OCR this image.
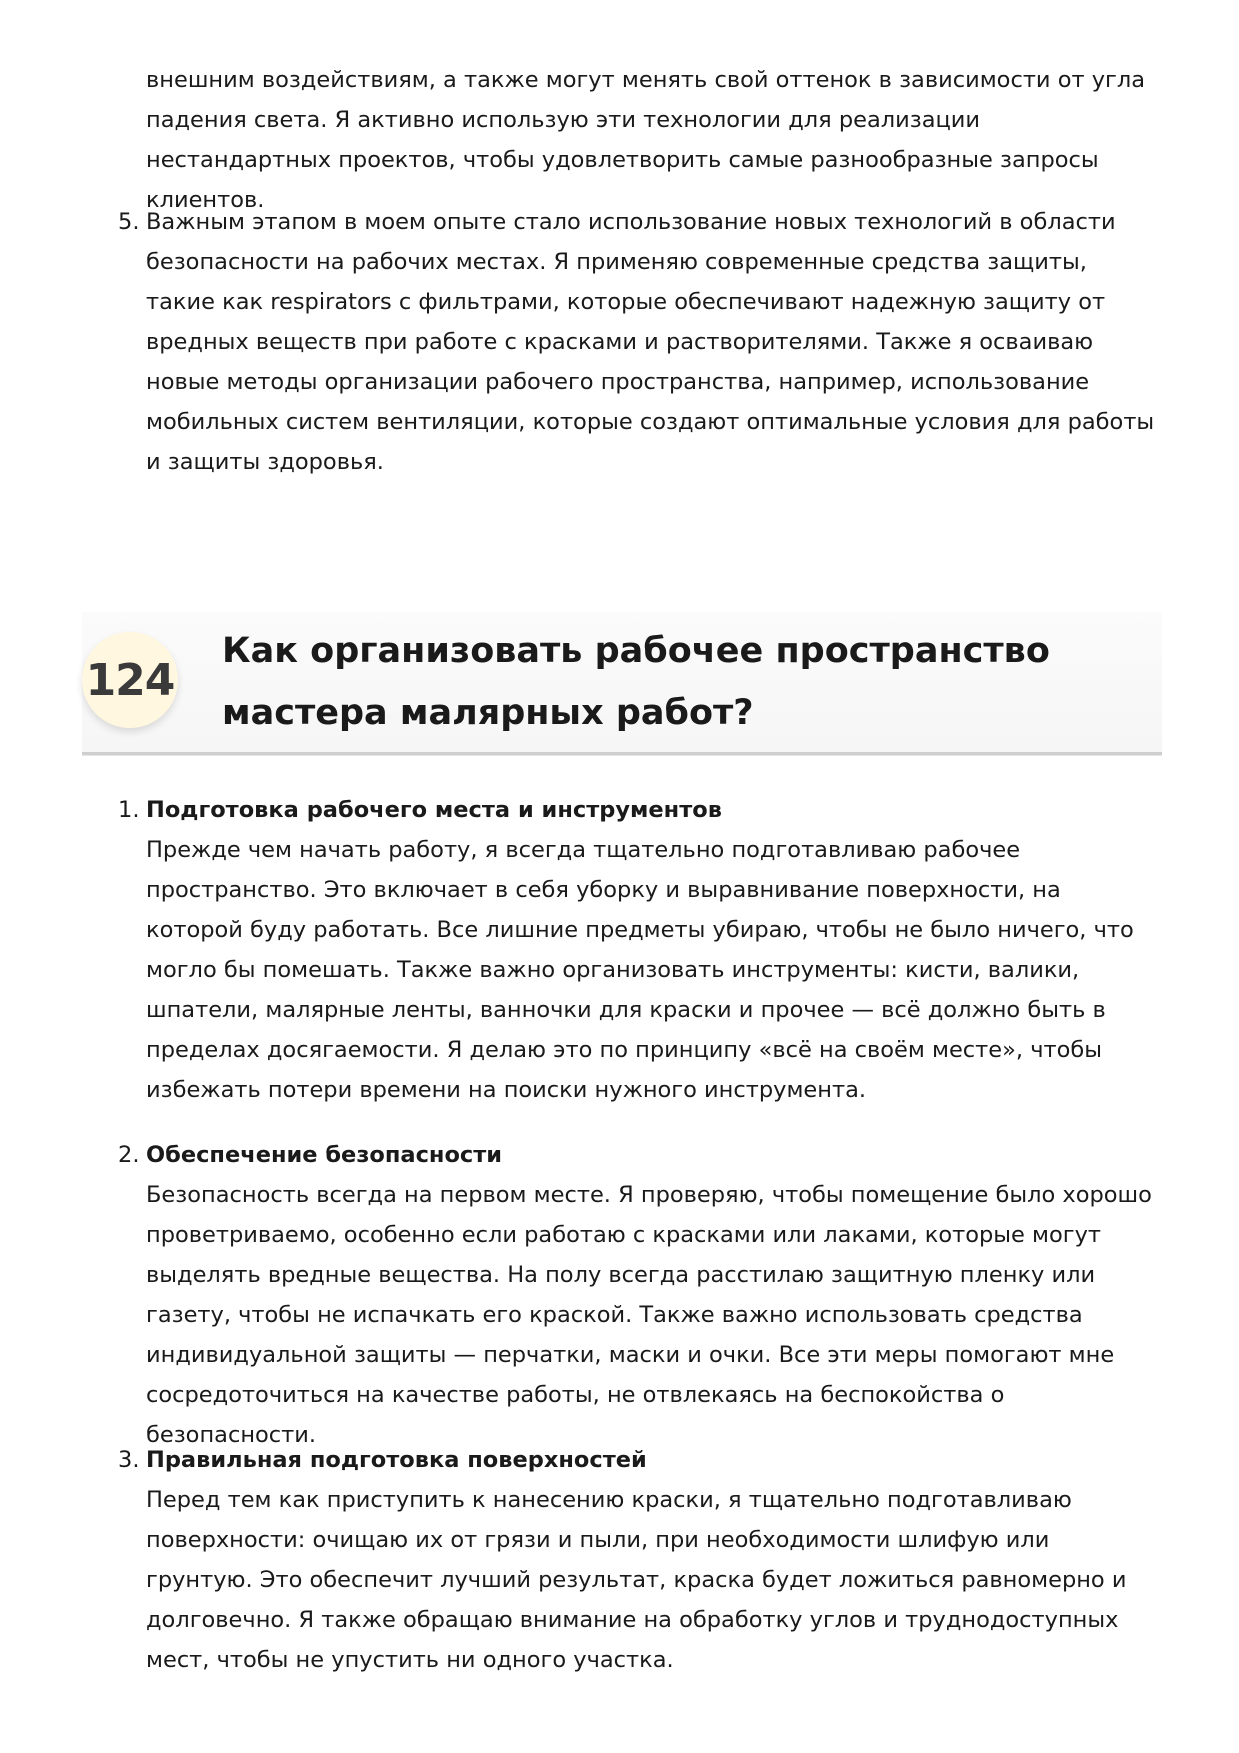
внешним воздействиям, а также могут менять свой оттенок в зависимости от угла падения света. Я активно использую эти технологии для реализации нестандартных проектов, чтобы удовлетворить самые разнообразные запросы клиентов.

5. Важным этапом в моем опыте стало использование новых технологий в области безопасности на рабочих местах. Я применяю современные средства защиты, такие как respirators с фильтрами, которые обеспечивают надежную защиту от вредных веществ при работе с красками и растворителями. Также я осваиваю новые методы организации рабочего пространства, например, использование мобильных систем вентиляции, которые создают оптимальные условия для работы и защиты здоровья.

124
Как организовать рабочее пространство мастера малярных работ?
1. Подготовка рабочего места и инструментов

Прежде чем начать работу, я всегда тщательно подготавливаю рабочее пространство. Это включает в себя уборку и выравнивание поверхности, на которой буду работать. Все лишние предметы убираю, чтобы не было ничего, что могло бы помешать. Также важно организовать инструменты: кисти, валики, шпатели, малярные ленты, ванночки для краски и прочее — всё должно быть в пределах досягаемости. Я делаю это по принципу «всё на своём месте», чтобы избежать потери времени на поиски нужного инструмента.

2. Обеспечение безопасности

Безопасность всегда на первом месте. Я проверяю, чтобы помещение было хорошо проветриваемо, особенно если работаю с красками или лаками, которые могут выделять вредные вещества. На полу всегда расстилаю защитную пленку или газету, чтобы не испачкать его краской. Также важно использовать средства индивидуальной защиты — перчатки, маски и очки. Все эти меры помогают мне сосредоточиться на качестве работы, не отвлекаясь на беспокойства о безопасности.

3. Правильная подготовка поверхностей

Перед тем как приступить к нанесению краски, я тщательно подготавливаю поверхности: очищаю их от грязи и пыли, при необходимости шлифую или грунтую. Это обеспечит лучший результат, краска будет ложиться равномерно и долговечно. Я также обращаю внимание на обработку углов и труднодоступных мест, чтобы не упустить ни одного участка.
